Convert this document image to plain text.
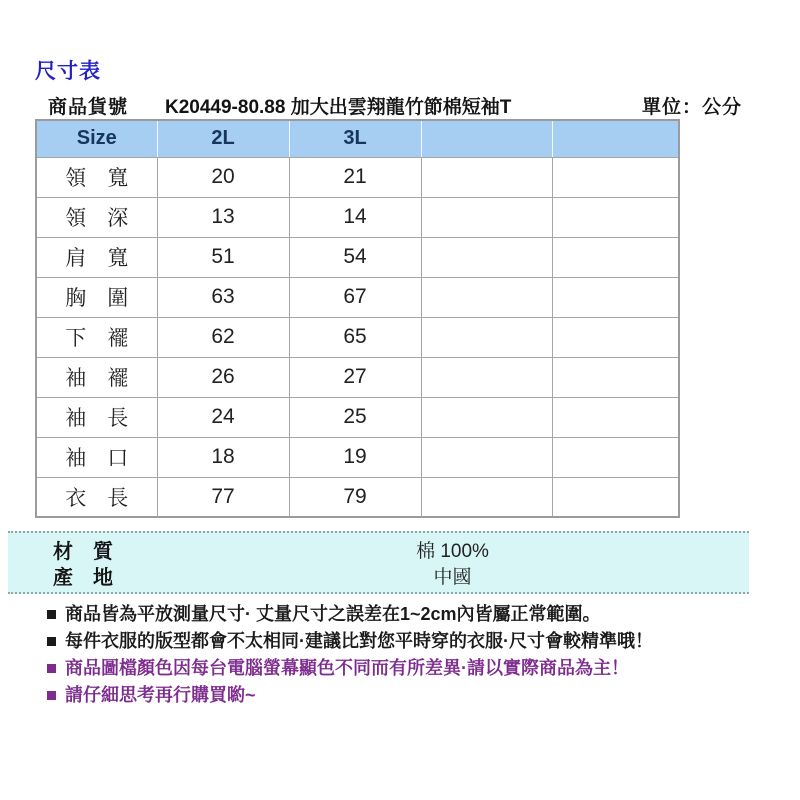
尺寸表
商品貨號 K20449-80.88 加大出雲翔龍竹節棉短袖T	單位：公分
Size	2L	3L		
領　寬	20	21		
領　深	13	14		
肩　寬	51	54		
胸　圍	63	67		
下　襬	62	65		
袖　襬	26	27		
袖　長	24	25		
袖　口	18	19		
衣　長	77	79		
材　質	棉 100%
產　地	中國
商品皆為平放測量尺寸· 丈量尺寸之誤差在1~2cm內皆屬正常範圍。
每件衣服的版型都會不太相同·建議比對您平時穿的衣服·尺寸會較精準哦！
商品圖檔顏色因每台電腦螢幕顯色不同而有所差異·請以實際商品為主！
請仔細思考再行購買喲~
